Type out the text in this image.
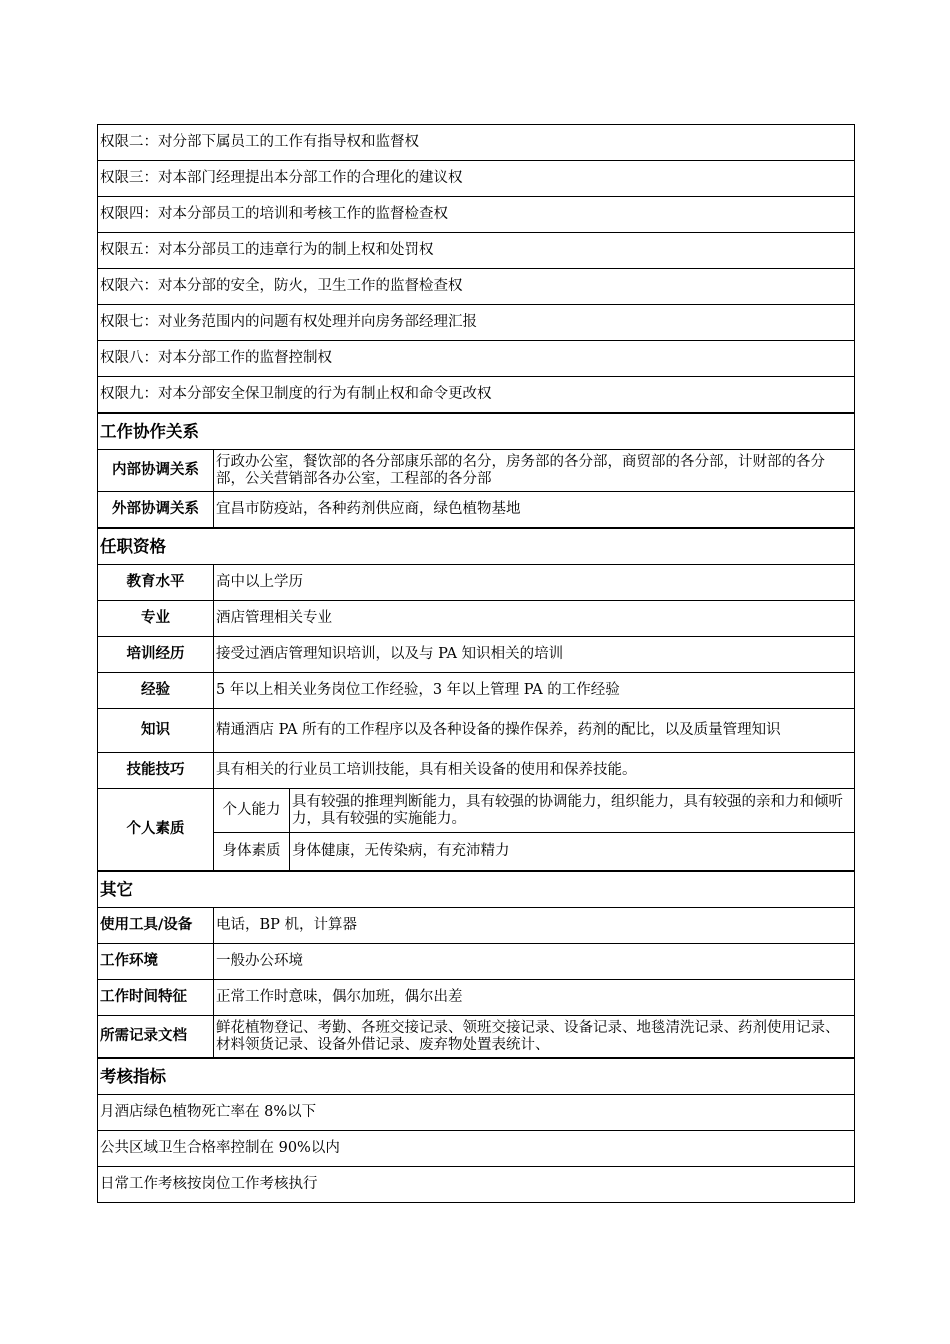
权限二：对分部下属员工的工作有指导权和监督权		
权限三：对本部门经理提出本分部工作的合理化的建议权		
权限四：对本分部员工的培训和考核工作的监督检查权		
权限五：对本分部员工的违章行为的制上权和处罚权		
权限六：对本分部的安全，防火，卫生工作的监督检查权		
权限七：对业务范围内的问题有权处理并向房务部经理汇报		
权限八：对本分部工作的监督控制权		
权限九：对本分部安全保卫制度的行为有制止权和命令更改权		
工作协作关系		
内部协调关系	行政办公室，餐饮部的各分部康乐部的名分，房务部的各分部，商贸部的各分部，计财部的各分部，公关营销部各办公室，工程部的各分部	
外部协调关系	宜昌市防疫站，各种药剂供应商，绿色植物基地	
任职资格		
教育水平	高中以上学历	
专业	酒店管理相关专业	
培训经历	接受过酒店管理知识培训，以及与 PA 知识相关的培训	
经验	5 年以上相关业务岗位工作经验，3 年以上管理 PA 的工作经验	
知识	精通酒店 PA 所有的工作程序以及各种设备的操作保养，药剂的配比，以及质量管理知识	
技能技巧	具有相关的行业员工培训技能，具有相关设备的使用和保养技能。	
个人素质	个人能力	具有较强的推理判断能力，具有较强的协调能力，组织能力，具有较强的亲和力和倾听力，具有较强的实施能力。
	身体素质	身体健康，无传染病，有充沛精力
其它		
使用工具/设备	电话，BP 机，计算器	
工作环境	一般办公环境	
工作时间特征	正常工作时意味，偶尔加班，偶尔出差	
所需记录文档	鲜花植物登记、考勤、各班交接记录、领班交接记录、设备记录、地毯清洗记录、药剂使用记录、材料领货记录、设备外借记录、废弃物处置表统计、	
考核指标		
月酒店绿色植物死亡率在 8%以下		
公共区域卫生合格率控制在 90%以内		
日常工作考核按岗位工作考核执行		
